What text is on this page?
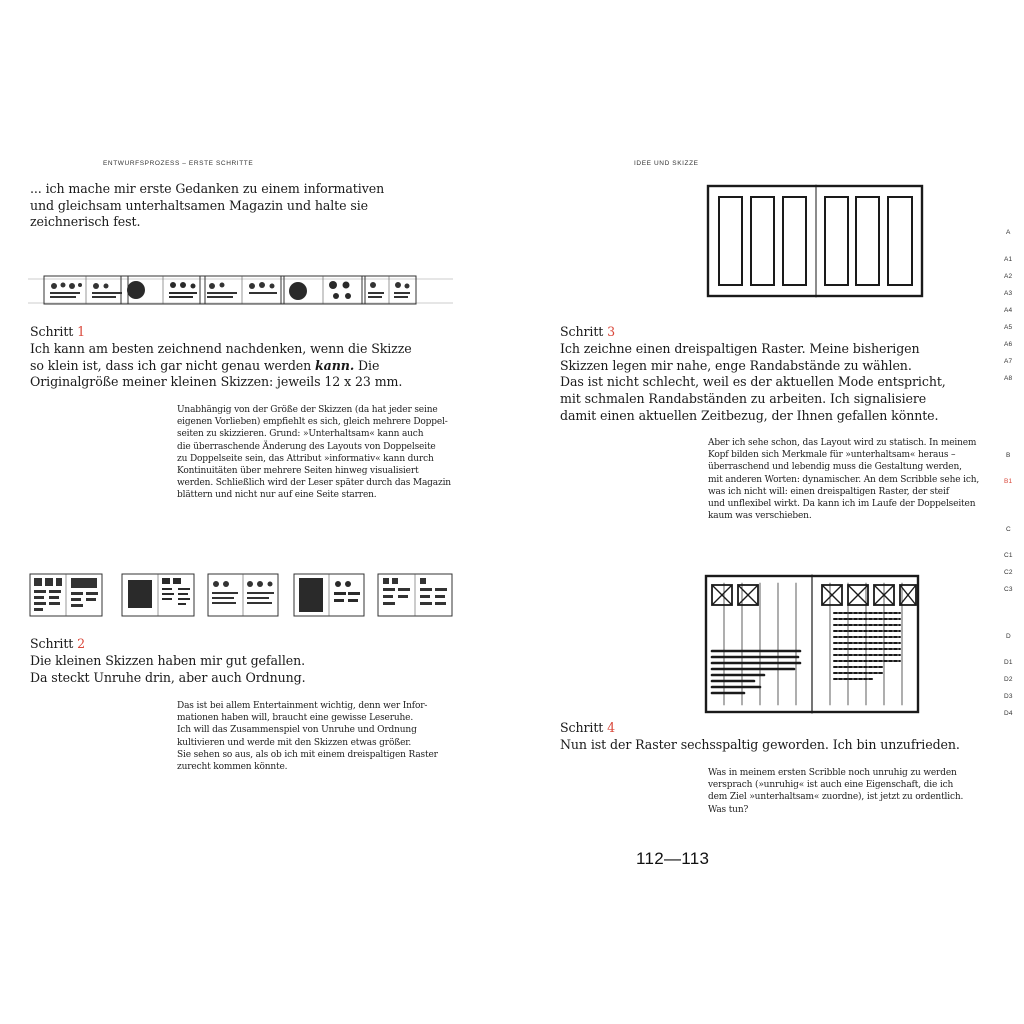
ENTWURFSPROZESS – ERSTE SCHRITTE

... ich mache mir erste Gedanken zu einem informativen

und gleichsam unterhaltsamen Magazin und halte sie

zeichnerisch fest.

Schritt 1
Ich kann am besten zeichnend nachdenken, wenn die Skizze
so klein ist, dass ich gar nicht genau werden kann. Die
Originalgröße meiner kleinen Skizzen: jeweils 12 x 23 mm.

Unabhängig von der Größe der Skizzen (da hat jeder seine

eigenen Vorlieben) empfiehlt es sich, gleich mehrere Doppel-

seiten zu skizzieren. Grund: »Unterhaltsam« kann auch

die überraschende Änderung des Layouts von Doppelseite

zu Doppelseite sein, das Attribut »informativ« kann durch

Kontinuitäten über mehrere Seiten hinweg visualisiert

werden. Schließlich wird der Leser später durch das Magazin

blättern und nicht nur auf eine Seite starren.

Schritt 2
Die kleinen Skizzen haben mir gut gefallen.
Da steckt Unruhe drin, aber auch Ordnung.

Das ist bei allem Entertainment wichtig, denn wer Infor-

mationen haben will, braucht eine gewisse Leseruhe.

Ich will das Zusammenspiel von Unruhe und Ordnung

kultivieren und werde mit den Skizzen etwas größer.

Sie sehen so aus, als ob ich mit einem dreispaltigen Raster

zurecht kommen könnte.

IDEE UND SKIZZE
Schritt 3
Ich zeichne einen dreispaltigen Raster. Meine bisherigen
Skizzen legen mir nahe, enge Randabstände zu wählen.
Das ist nicht schlecht, weil es der aktuellen Mode entspricht,
mit schmalen Randabständen zu arbeiten. Ich signalisiere
damit einen aktuellen Zeitbezug, der Ihnen gefallen könnte.

Aber ich sehe schon, das Layout wird zu statisch. In meinem

Kopf bilden sich Merkmale für »unterhaltsam« heraus –

überraschend und lebendig muss die Gestaltung werden,

mit anderen Worten: dynamischer. An dem Scribble sehe ich,

was ich nicht will: einen dreispaltigen Raster, der steif

und unflexibel wirkt. Da kann ich im Laufe der Doppelseiten

kaum was verschieben.

Schritt 4
Nun ist der Raster sechsspaltig geworden. Ich bin unzufrieden.

Was in meinem ersten Scribble noch unruhig zu werden

versprach (»unruhig« ist auch eine Eigenschaft, die ich

dem Ziel »unterhaltsam« zuordne), ist jetzt zu ordentlich.

Was tun?

112—113
A
A1
A2
A3
A4
A5
A6
A7
A8
B
B1
C
C1
C2
C3
D
D1
D2
D3
D4
